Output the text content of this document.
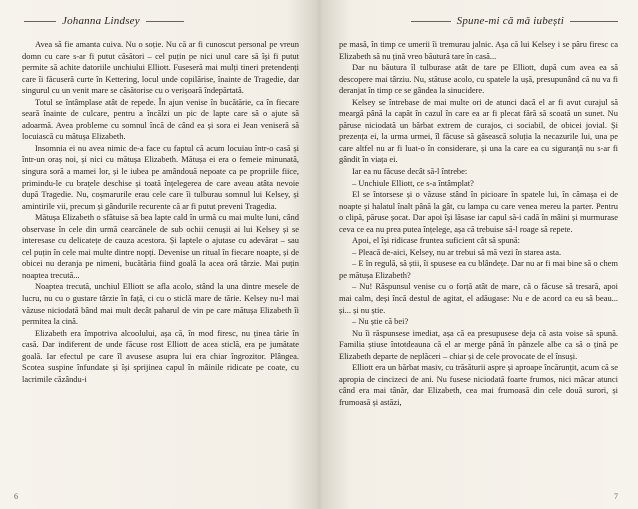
Johanna Lindsey

Avea să fie amanta cuiva. Nu o soție. Nu că ar fi cunoscut personal pe vreun domn cu care s-ar fi putut căsători – cel puțin pe nici unul care să își fi putut permite să achite datoriile unchiului Elliott. Fuseseră mai mulți tineri pretendenți care îi făcuseră curte în Kettering, locul unde copilărise, înainte de Tragedie, dar singurul cu un venit mare se căsătorise cu o verișoară îndepărtată.

Totul se întâmplase atât de repede. În ajun venise în bucătărie, ca în fiecare seară înainte de culcare, pentru a încălzi un pic de lapte care să o ajute să adoarmă. Avea probleme cu somnul încă de când ea și sora ei Jean veniseră să locuiască cu mătușa Elizabeth.

Insomnia ei nu avea nimic de-a face cu faptul că acum locuiau într-o casă și într-un oraș noi, și nici cu mătușa Elizabeth. Mătușa ei era o femeie minunată, singura soră a mamei lor, și le iubea pe amândouă nepoate ca pe propriile fiice, primindu-le cu brațele deschise și toată înțelegerea de care aveau atâta nevoie după Tragedie. Nu, coșmarurile erau cele care îi tulburau somnul lui Kelsey, și amintirile vii, precum și gândurile recurente că ar fi putut preveni Tragedia.

Mătușa Elizabeth o sfătuise să bea lapte cald în urmă cu mai multe luni, când observase în cele din urmă cearcănele de sub ochii cenușii ai lui Kelsey și se interesase cu delicatețe de cauza acestora. Și laptele o ajutase cu adevărat – sau cel puțin în cele mai multe dintre nopți. Devenise un ritual în fiecare noapte, și de obicei nu deranja pe nimeni, bucătăria fiind goală la acea oră târzie. Mai puțin noaptea trecută...

Noaptea trecută, unchiul Elliott se afla acolo, stând la una dintre mesele de lucru, nu cu o gustare târzie în față, ci cu o sticlă mare de tărie. Kelsey nu-l mai văzuse niciodată bând mai mult decât paharul de vin pe care mătușa Elizabeth îi permitea la cină.

Elizabeth era împotriva alcoolului, așa că, în mod firesc, nu ținea tărie în casă. Dar indiferent de unde făcuse rost Elliott de acea sticlă, era pe jumătate goală. Iar efectul pe care îl avusese asupra lui era chiar îngrozitor. Plângea. Scotea suspine înfundate și își sprijinea capul în mâinile ridicate pe coate, cu lacrimile căzându-i

6
Spune-mi că mă iubești

pe masă, în timp ce umerii îi tremurau jalnic. Așa că lui Kelsey i se păru firesc ca Elizabeth să nu țină vreo băutură tare în casă...

Dar nu băutura îl tulburase atât de tare pe Elliott, după cum avea ea să descopere mai târziu. Nu, stătuse acolo, cu spatele la ușă, presupunând că nu va fi deranjat în timp ce se gândea la sinucidere.

Kelsey se întrebase de mai multe ori de atunci dacă el ar fi avut curajul să meargă până la capăt în cazul în care ea ar fi plecat fără să scoată un sunet. Nu păruse niciodată un bărbat extrem de curajos, ci sociabil, de obicei jovial. Și prezența ei, la urma urmei, îl făcuse să găsească soluția la necazurile lui, una pe care altfel nu ar fi luat-o în considerare, și una la care ea cu siguranță nu s-ar fi gândit în viața ei.

Iar ea nu făcuse decât să-l întrebe:

– Unchiule Elliott, ce s-a întâmplat?

El se întorsese și o văzuse stând în picioare în spatele lui, în cămașa ei de noapte și halatul înalt până la gât, cu lampa cu care venea mereu la parter. Pentru o clipă, păruse șocat. Dar apoi își lăsase iar capul să-i cadă în mâini și murmurase ceva ce ea nu prea putea înțelege, așa că trebuise să-l roage să repete.

Apoi, el își ridicase fruntea suficient cât să spună:

– Pleacă de-aici, Kelsey, nu ar trebui să mă vezi în starea asta.

– E în regulă, să știi, îi spusese ea cu blândețe. Dar nu ar fi mai bine să o chem pe mătușa Elizabeth?

– Nu! Răspunsul venise cu o forță atât de mare, că o făcuse să tresară, apoi mai calm, deși încă destul de agitat, el adăugase: Nu e de acord ca eu să beau... și... și nu știe.

– Nu știe că bei?

Nu îi răspunsese imediat, așa că ea presupusese deja că asta voise să spună. Familia știuse întotdeauna că el ar merge până în pânzele albe ca să o țină pe Elizabeth departe de neplăceri – chiar și de cele provocate de el însuși.

Elliott era un bărbat masiv, cu trăsăturii aspre și aproape încărunțit, acum că se apropia de cincizeci de ani. Nu fusese niciodată foarte frumos, nici măcar atunci când era mai tânăr, dar Elizabeth, cea mai frumoasă din cele două surori, și frumoasă și astăzi,

7
